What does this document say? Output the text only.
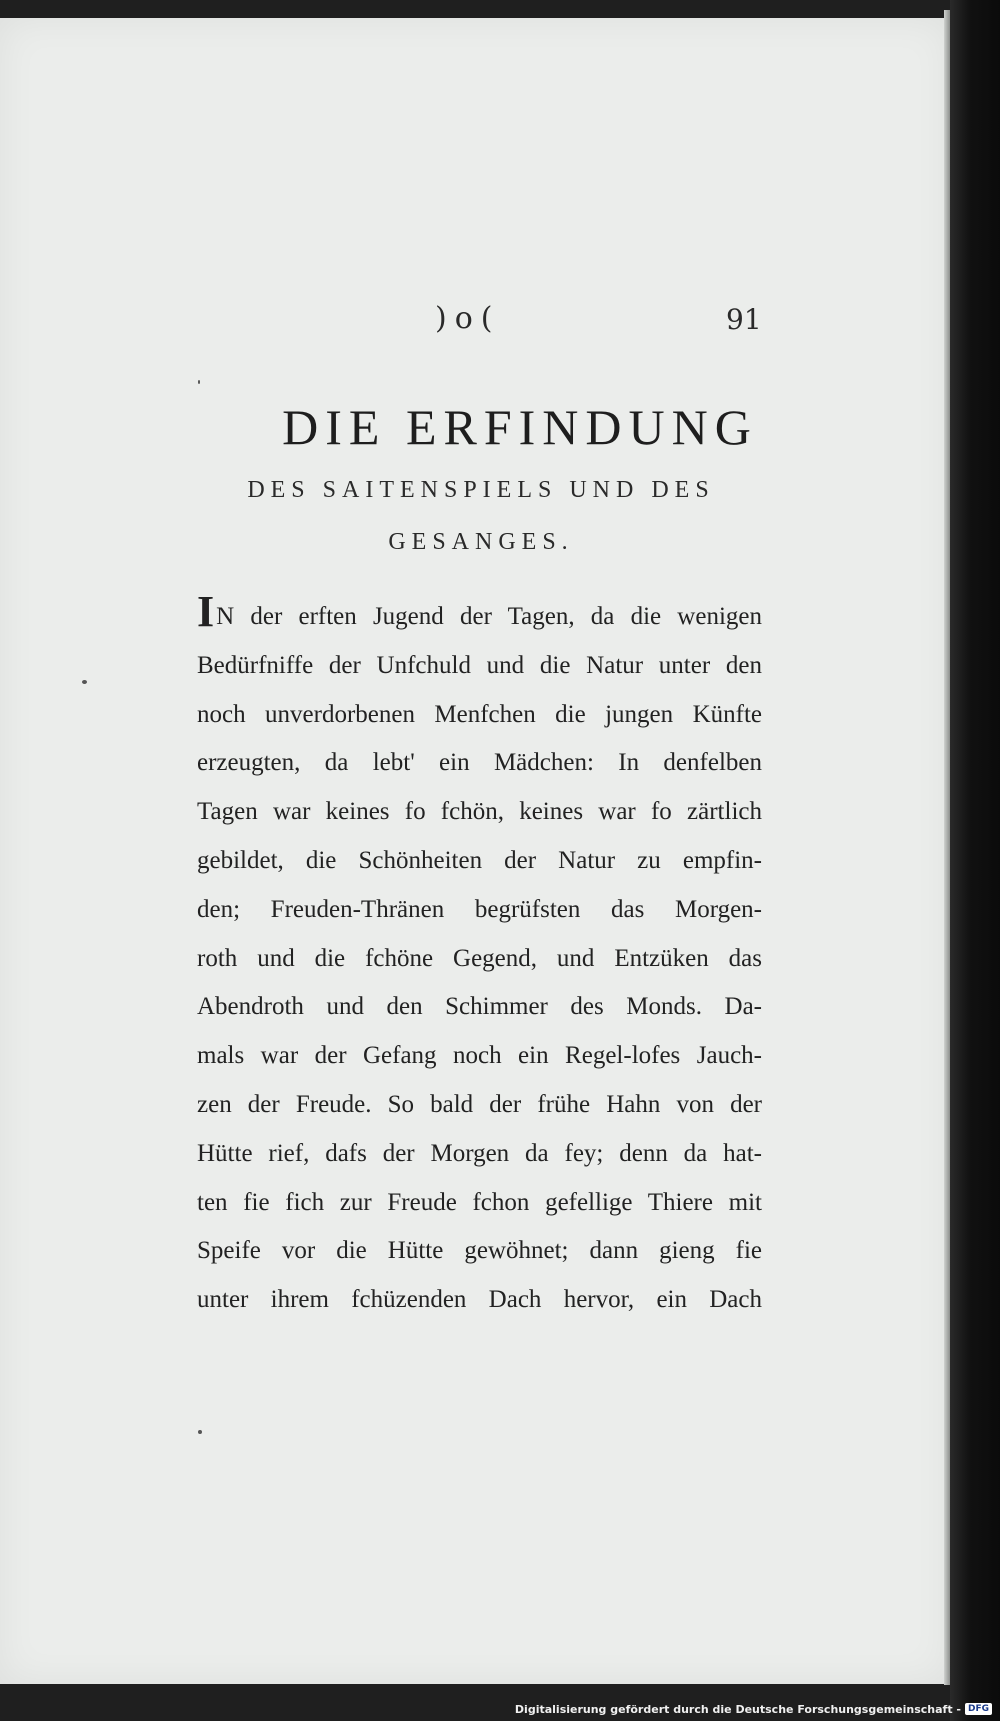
)o(	91
DIE ERFINDUNG
DES SAITENSPIELS UND DES GESANGES.
IN der erften Jugend der Tagen, da die wenigen
Bedürfniffe der Unfchuld und die Natur unter den
noch unverdorbenen Menfchen die jungen Künfte
erzeugten, da lebt' ein Mädchen: In denfelben
Tagen war keines fo fchön, keines war fo zärtlich
gebildet, die Schönheiten der Natur zu empfin-
den; Freuden-Thränen begrüfsten das Morgen-
roth und die fchöne Gegend, und Entzüken das
Abendroth und den Schimmer des Monds. Da-
mals war der Gefang noch ein Regel-lofes Jauch-
zen der Freude. So bald der frühe Hahn von der
Hütte rief, dafs der Morgen da fey; denn da hat-
ten fie fich zur Freude fchon gefellige Thiere mit
Speife vor die Hütte gewöhnet; dann gieng fie
unter ihrem fchüzenden Dach hervor, ein Dach
Digitalisierung gefördert durch die Deutsche Forschungsgemeinschaft - DFG
